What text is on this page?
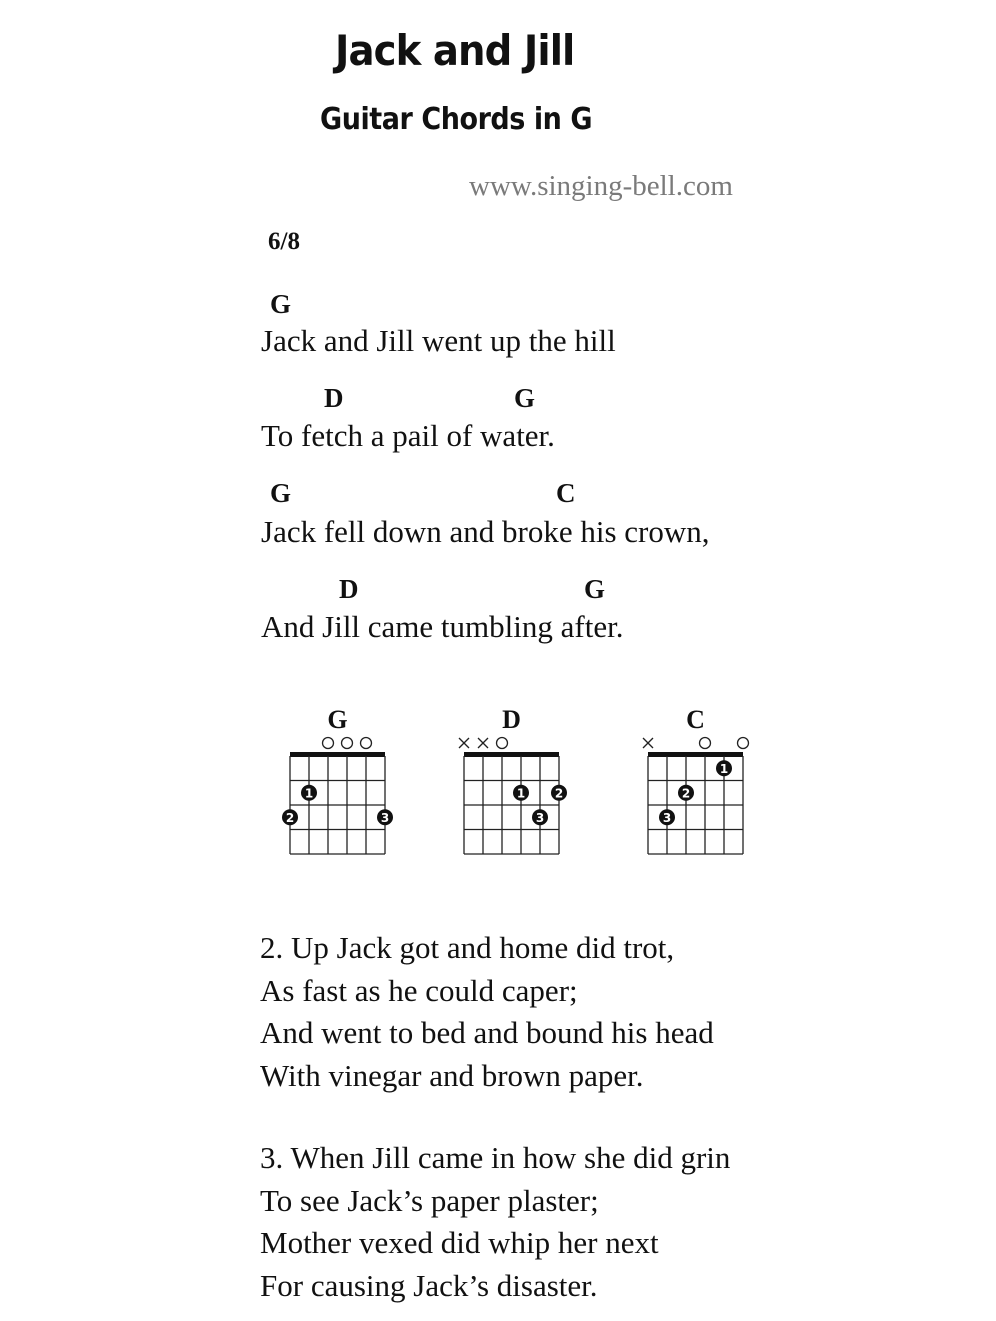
Jack and Jill
Guitar Chords in G
www.singing-bell.com
6/8
G
Jack and Jill went up the hill
D	G
To fetch a pail of water.
G	C
Jack fell down and broke his crown,
D	G
And Jill came tumbling after.
G
2
1
3
D
1
3
2
C
3
2
1
2. Up Jack got and home did trot,
As fast as he could caper;
And went to bed and bound his head
With vinegar and brown paper.
3. When Jill came in how she did grin
To see Jack’s paper plaster;
Mother vexed did whip her next
For causing Jack’s disaster.
